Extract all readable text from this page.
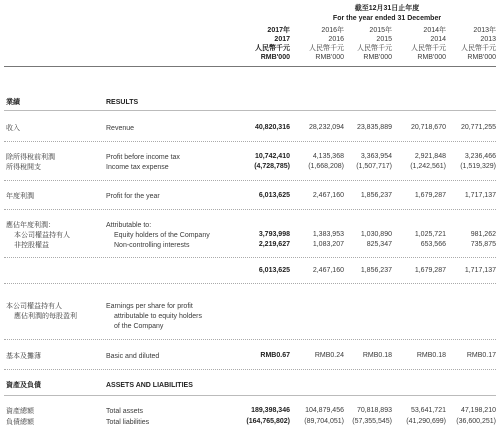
截至12月31日止年度
For the year ended 31 December
2017年
2017
人民幣千元
RMB'000
2016年
2016
人民幣千元
RMB'000
2015年
2015
人民幣千元
RMB'000
2014年
2014
人民幣千元
RMB'000
2013年
2013
人民幣千元
RMB'000
業績	RESULTS
收入	Revenue	40,820,316	28,232,094	23,835,889	20,718,670	20,771,255
除所得稅前利潤	Profit before income tax	10,742,410	4,135,368	3,363,954	2,921,848	3,236,466
所得稅開支	Income tax expense	(4,728,785)	(1,668,208)	(1,507,717)	(1,242,561)	(1,519,329)
年度利潤	Profit for the year	6,013,625	2,467,160	1,856,237	1,679,287	1,717,137
應佔年度利潤：	Attributable to:
本公司權益持有人	Equity holders of the Company	3,793,998	1,383,953	1,030,890	1,025,721	981,262
非控股權益	Non-controlling interests	2,219,627	1,083,207	825,347	653,566	735,875
6,013,625	2,467,160	1,856,237	1,679,287	1,717,137
本公司權益持有人
應佔利潤的每股盈利
Earnings per share for profit
attributable to equity holders
of the Company
基本及攤薄	Basic and diluted	RMB0.67	RMB0.24	RMB0.18	RMB0.18	RMB0.17
資產及負債	ASSETS AND LIABILITIES
資產總額	Total assets	189,398,346	104,879,456	70,818,893	53,641,721	47,198,210
負債總額	Total liabilities	(164,765,802)	(89,704,051)	(57,355,545)	(41,290,699)	(36,600,251)
